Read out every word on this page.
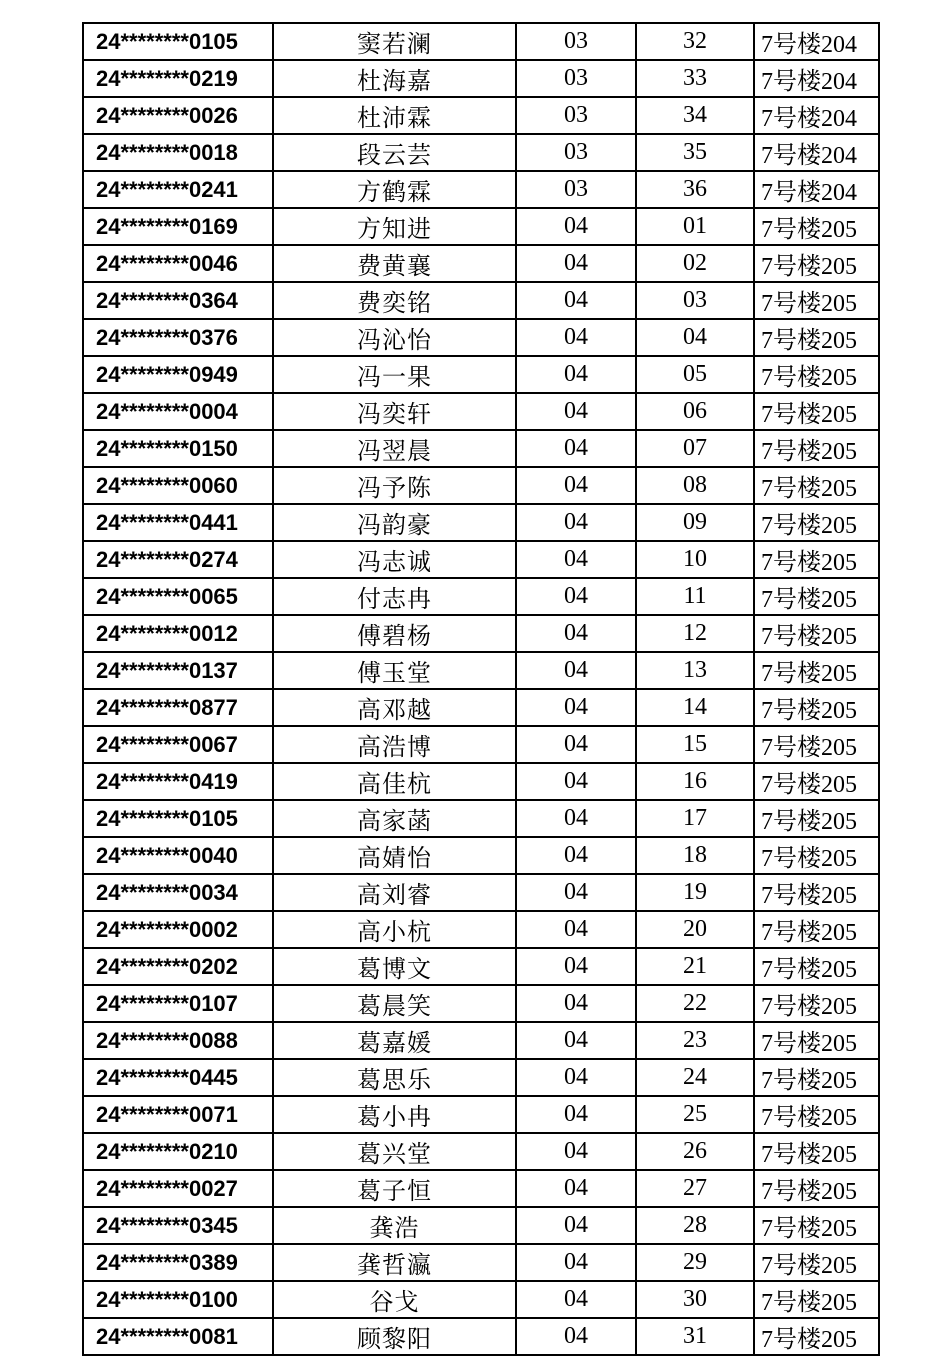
24********0105	窦若澜	03	32	7号楼204
24********0219	杜海嘉	03	33	7号楼204
24********0026	杜沛霖	03	34	7号楼204
24********0018	段云芸	03	35	7号楼204
24********0241	方鹤霖	03	36	7号楼204
24********0169	方知进	04	01	7号楼205
24********0046	费黄襄	04	02	7号楼205
24********0364	费奕铭	04	03	7号楼205
24********0376	冯沁怡	04	04	7号楼205
24********0949	冯一果	04	05	7号楼205
24********0004	冯奕轩	04	06	7号楼205
24********0150	冯翌晨	04	07	7号楼205
24********0060	冯予陈	04	08	7号楼205
24********0441	冯韵豪	04	09	7号楼205
24********0274	冯志诚	04	10	7号楼205
24********0065	付志冉	04	11	7号楼205
24********0012	傅碧杨	04	12	7号楼205
24********0137	傅玉堂	04	13	7号楼205
24********0877	高邓越	04	14	7号楼205
24********0067	高浩博	04	15	7号楼205
24********0419	高佳杭	04	16	7号楼205
24********0105	高家菡	04	17	7号楼205
24********0040	高婧怡	04	18	7号楼205
24********0034	高刘睿	04	19	7号楼205
24********0002	高小杭	04	20	7号楼205
24********0202	葛博文	04	21	7号楼205
24********0107	葛晨笑	04	22	7号楼205
24********0088	葛嘉媛	04	23	7号楼205
24********0445	葛思乐	04	24	7号楼205
24********0071	葛小冉	04	25	7号楼205
24********0210	葛兴堂	04	26	7号楼205
24********0027	葛子恒	04	27	7号楼205
24********0345	龚浩	04	28	7号楼205
24********0389	龚哲瀛	04	29	7号楼205
24********0100	谷戈	04	30	7号楼205
24********0081	顾黎阳	04	31	7号楼205
